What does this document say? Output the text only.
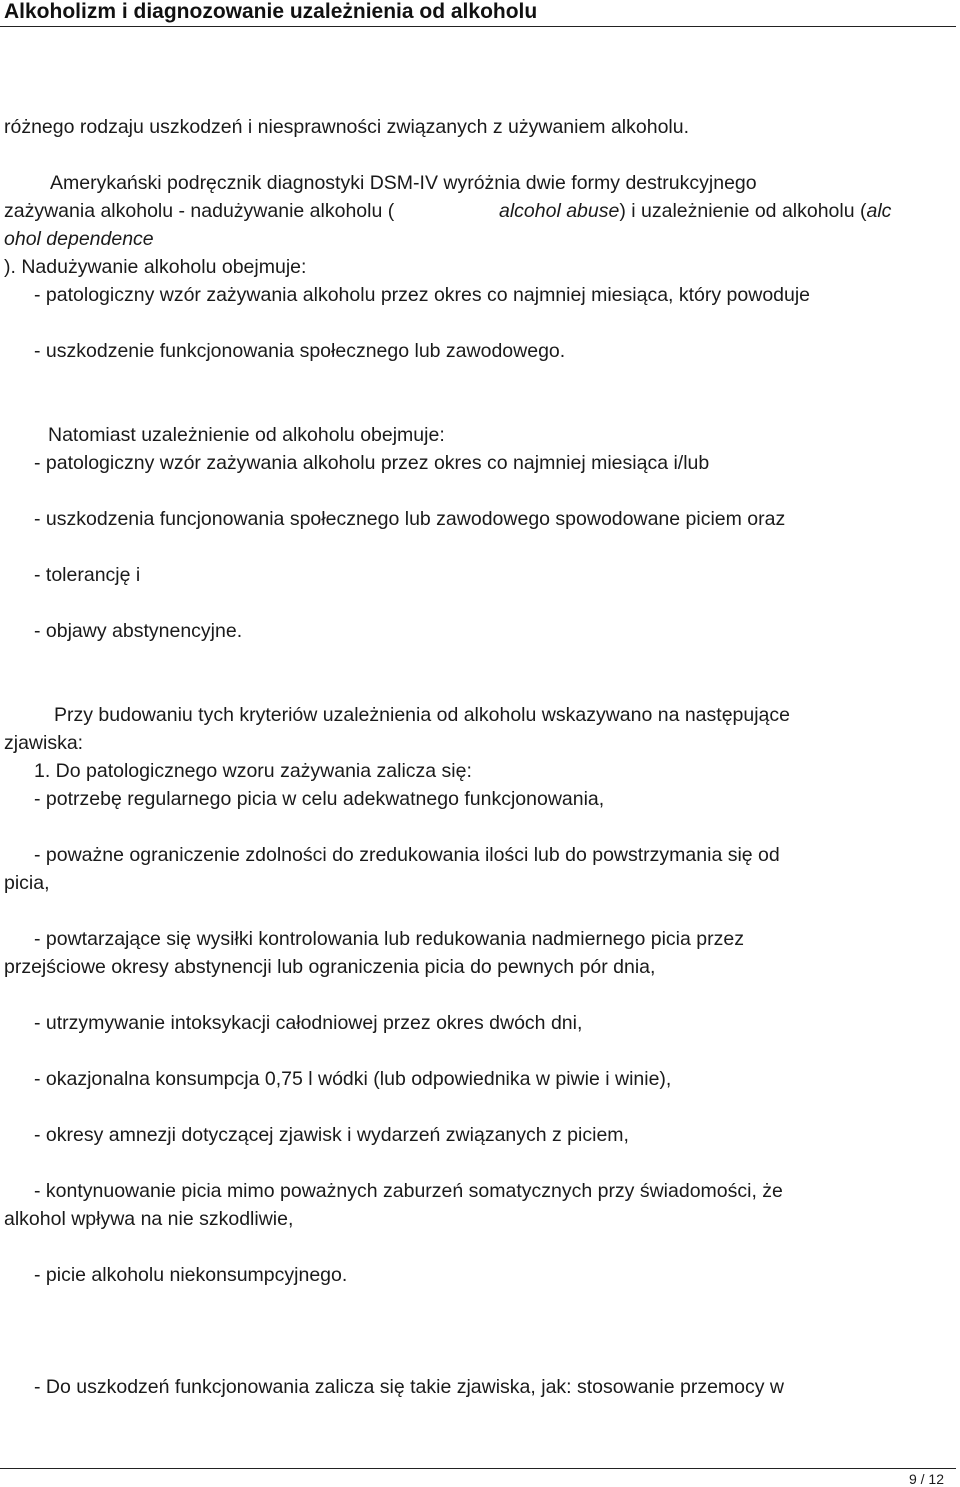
Alkoholizm i diagnozowanie uzależnienia od alkoholu
różnego rodzaju uszkodzeń i niesprawności związanych z używaniem alkoholu.
Amerykański podręcznik diagnostyki DSM-IV wyróżnia dwie formy destrukcyjnego
zażywania alkoholu - nadużywanie alkoholu (	alcohol abuse) i uzależnienie od alkoholu (alc
ohol dependence
). Nadużywanie alkoholu obejmuje:
- patologiczny wzór zażywania alkoholu przez okres co najmniej miesiąca, który powoduje
- uszkodzenie funkcjonowania społecznego lub zawodowego.
Natomiast uzależnienie od alkoholu obejmuje:
- patologiczny wzór zażywania alkoholu przez okres co najmniej miesiąca i/lub
- uszkodzenia funcjonowania społecznego lub zawodowego spowodowane piciem oraz
- tolerancję i
- objawy abstynencyjne.
Przy budowaniu tych kryteriów uzależnienia od alkoholu wskazywano na następujące
zjawiska:
1. Do patologicznego wzoru zażywania zalicza się:
- potrzebę regularnego picia w celu adekwatnego funkcjonowania,
- poważne ograniczenie zdolności do zredukowania ilości lub do powstrzymania się od
picia,
- powtarzające się wysiłki kontrolowania lub redukowania nadmiernego picia przez
przejściowe okresy abstynencji lub ograniczenia picia do pewnych pór dnia,
- utrzymywanie intoksykacji całodniowej przez okres dwóch dni,
- okazjonalna konsumpcja 0,75 l wódki (lub odpowiednika w piwie i winie),
- okresy amnezji dotyczącej zjawisk i wydarzeń związanych z piciem,
- kontynuowanie picia mimo poważnych zaburzeń somatycznych przy świadomości, że
alkohol wpływa na nie szkodliwie,
- picie alkoholu niekonsumpcyjnego.
- Do uszkodzeń funkcjonowania zalicza się takie zjawiska, jak: stosowanie przemocy w
9 / 12
